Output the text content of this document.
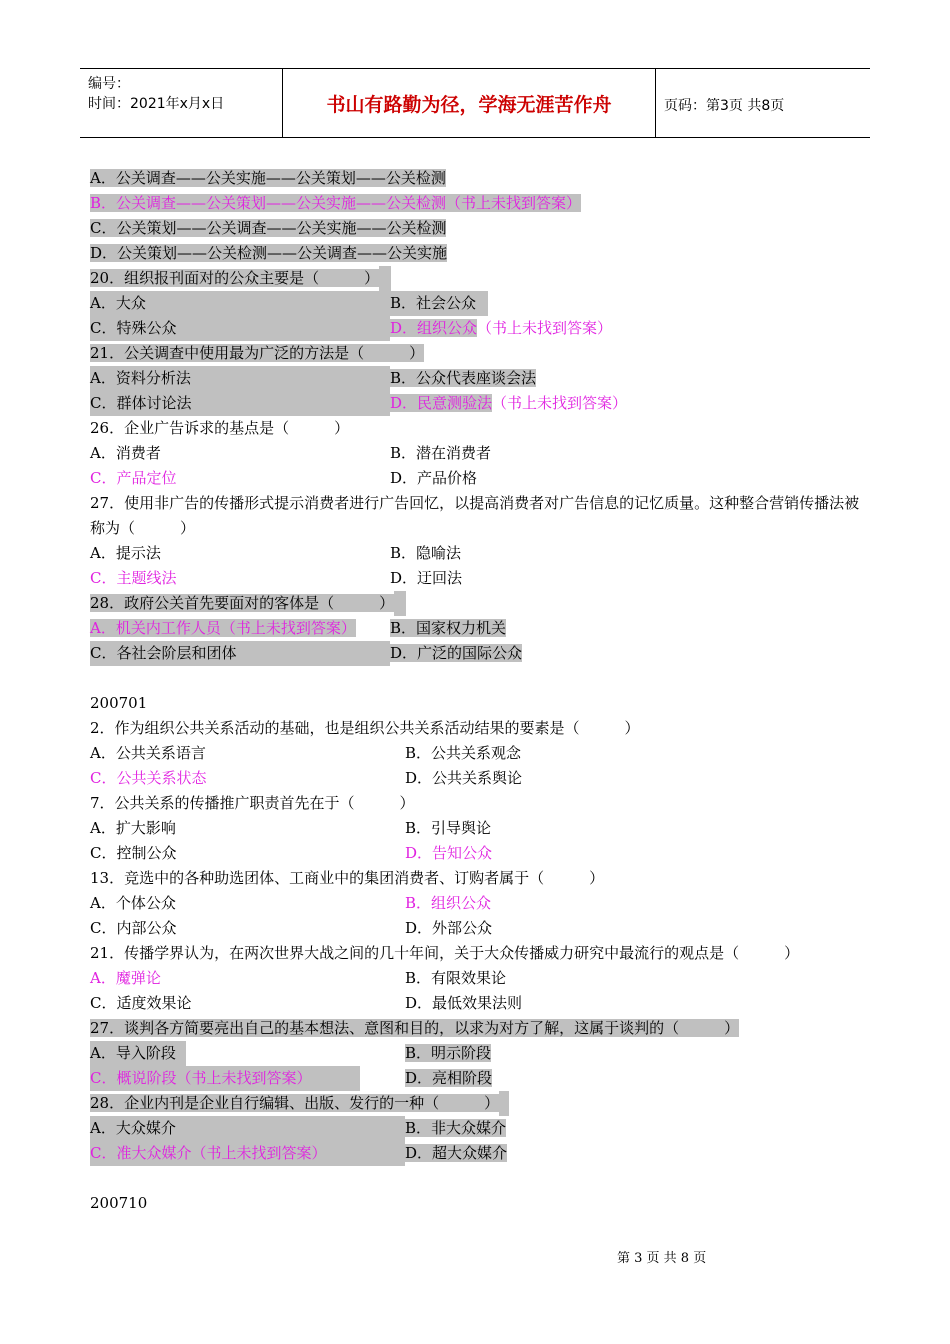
编号：
时间：2021年x月x日	书山有路勤为径，学海无涯苦作舟	页码：第3页 共8页
A．公关调查——公关实施——公关策划——公关检测
B．公关调查——公关策划——公关实施——公关检测（书上未找到答案）
C．公关策划——公关调查——公关实施——公关检测
D．公关策划——公关检测——公关调查——公关实施
20．组织报刊面对的公众主要是（　　　）
A．大众	B．社会公众
C．特殊公众	D．组织公众（书上未找到答案）
21．公关调查中使用最为广泛的方法是（　　　）
A．资料分析法	B．公众代表座谈会法
C．群体讨论法	D．民意测验法（书上未找到答案）
26．企业广告诉求的基点是（　　　）
A．消费者	B．潜在消费者
C．产品定位	D．产品价格
27．使用非广告的传播形式提示消费者进行广告回忆，以提高消费者对广告信息的记忆质量。这种整合营销传播法被称为（　　　）
A．提示法	B．隐喻法
C．主题线法	D．迂回法
28．政府公关首先要面对的客体是（　　　）
A．机关内工作人员（书上未找到答案） B．国家权力机关
C．各社会阶层和团体	D．广泛的国际公众
200701
2．作为组织公共关系活动的基础，也是组织公共关系活动结果的要素是（　　　）
A．公共关系语言	B．公共关系观念
C．公共关系状态	D．公共关系舆论
7．公共关系的传播推广职责首先在于（　　　）
A．扩大影响	B．引导舆论
C．控制公众	D．告知公众
13．竞选中的各种助选团体、工商业中的集团消费者、订购者属于（　　　）
A．个体公众	B．组织公众
C．内部公众	D．外部公众
21．传播学界认为，在两次世界大战之间的几十年间，关于大众传播威力研究中最流行的观点是（　　　）
A．魔弹论	B．有限效果论
C．适度效果论	D．最低效果法则
27．谈判各方简要亮出自己的基本想法、意图和目的，以求为对方了解，这属于谈判的（　　　）
A．导入阶段	B．明示阶段
C．概说阶段（书上未找到答案）	D．亮相阶段
28．企业内刊是企业自行编辑、出版、发行的一种（　　　）
A．大众媒介	B．非大众媒介
C．准大众媒介（书上未找到答案）	D．超大众媒介
200710
第 3 页 共 8 页
